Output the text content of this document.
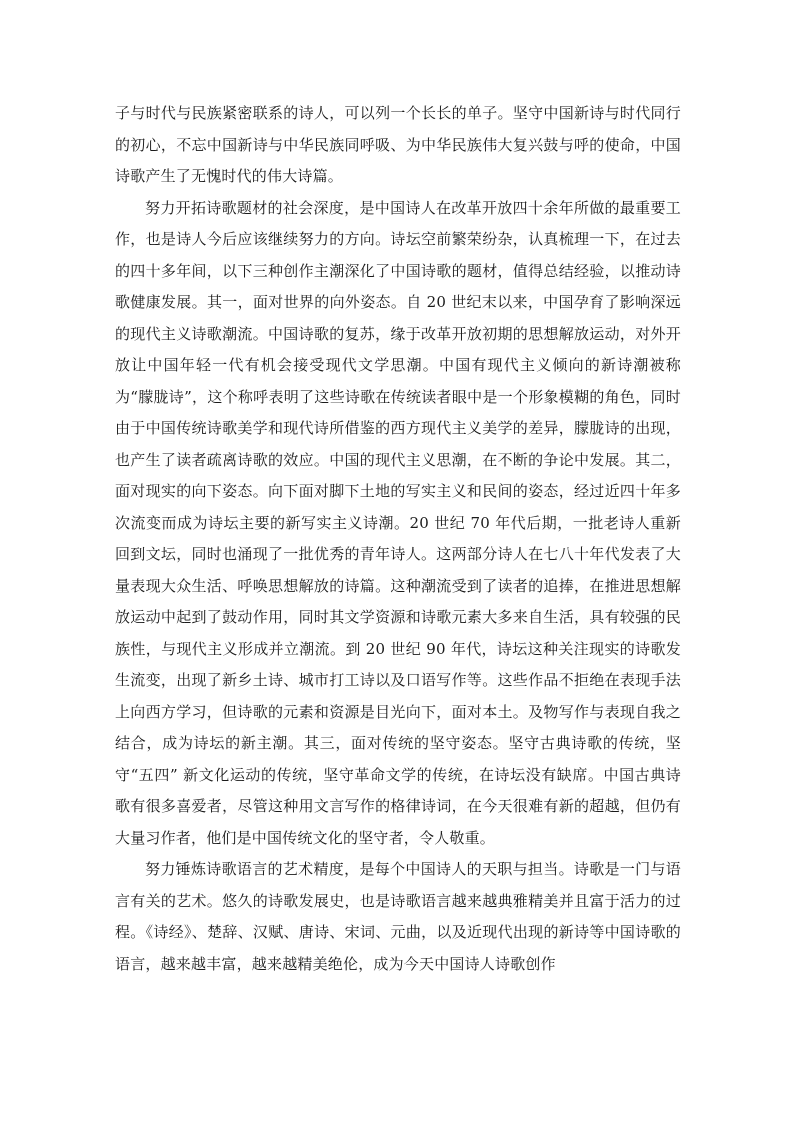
子与时代与民族紧密联系的诗人，可以列一个长长的单子。坚守中国新诗与时代同行的初心，不忘中国新诗与中华民族同呼吸、为中华民族伟大复兴鼓与呼的使命，中国诗歌产生了无愧时代的伟大诗篇。

努力开拓诗歌题材的社会深度，是中国诗人在改革开放四十余年所做的最重要工作，也是诗人今后应该继续努力的方向。诗坛空前繁荣纷杂，认真梳理一下，在过去的四十多年间，以下三种创作主潮深化了中国诗歌的题材，值得总结经验，以推动诗歌健康发展。其一，面对世界的向外姿态。自 20 世纪末以来，中国孕育了影响深远的现代主义诗歌潮流。中国诗歌的复苏，缘于改革开放初期的思想解放运动，对外开放让中国年轻一代有机会接受现代文学思潮。中国有现代主义倾向的新诗潮被称为“朦胧诗”，这个称呼表明了这些诗歌在传统读者眼中是一个形象模糊的角色，同时由于中国传统诗歌美学和现代诗所借鉴的西方现代主义美学的差异，朦胧诗的出现，也产生了读者疏离诗歌的效应。中国的现代主义思潮，在不断的争论中发展。其二，面对现实的向下姿态。向下面对脚下土地的写实主义和民间的姿态，经过近四十年多次流变而成为诗坛主要的新写实主义诗潮。20 世纪 70 年代后期，一批老诗人重新回到文坛，同时也涌现了一批优秀的青年诗人。这两部分诗人在七八十年代发表了大量表现大众生活、呼唤思想解放的诗篇。这种潮流受到了读者的追捧，在推进思想解放运动中起到了鼓动作用，同时其文学资源和诗歌元素大多来自生活，具有较强的民族性，与现代主义形成并立潮流。到 20 世纪 90 年代，诗坛这种关注现实的诗歌发生流变，出现了新乡土诗、城市打工诗以及口语写作等。这些作品不拒绝在表现手法上向西方学习，但诗歌的元素和资源是目光向下，面对本土。及物写作与表现自我之结合，成为诗坛的新主潮。其三，面对传统的坚守姿态。坚守古典诗歌的传统，坚守“五四” 新文化运动的传统，坚守革命文学的传统，在诗坛没有缺席。中国古典诗歌有很多喜爱者，尽管这种用文言写作的格律诗词，在今天很难有新的超越，但仍有大量习作者，他们是中国传统文化的坚守者，令人敬重。

努力锤炼诗歌语言的艺术精度，是每个中国诗人的天职与担当。诗歌是一门与语言有关的艺术。悠久的诗歌发展史，也是诗歌语言越来越典雅精美并且富于活力的过程。《诗经》、楚辞、汉赋、唐诗、宋词、元曲，以及近现代出现的新诗等中国诗歌的语言，越来越丰富，越来越精美绝伦，成为今天中国诗人诗歌创作
